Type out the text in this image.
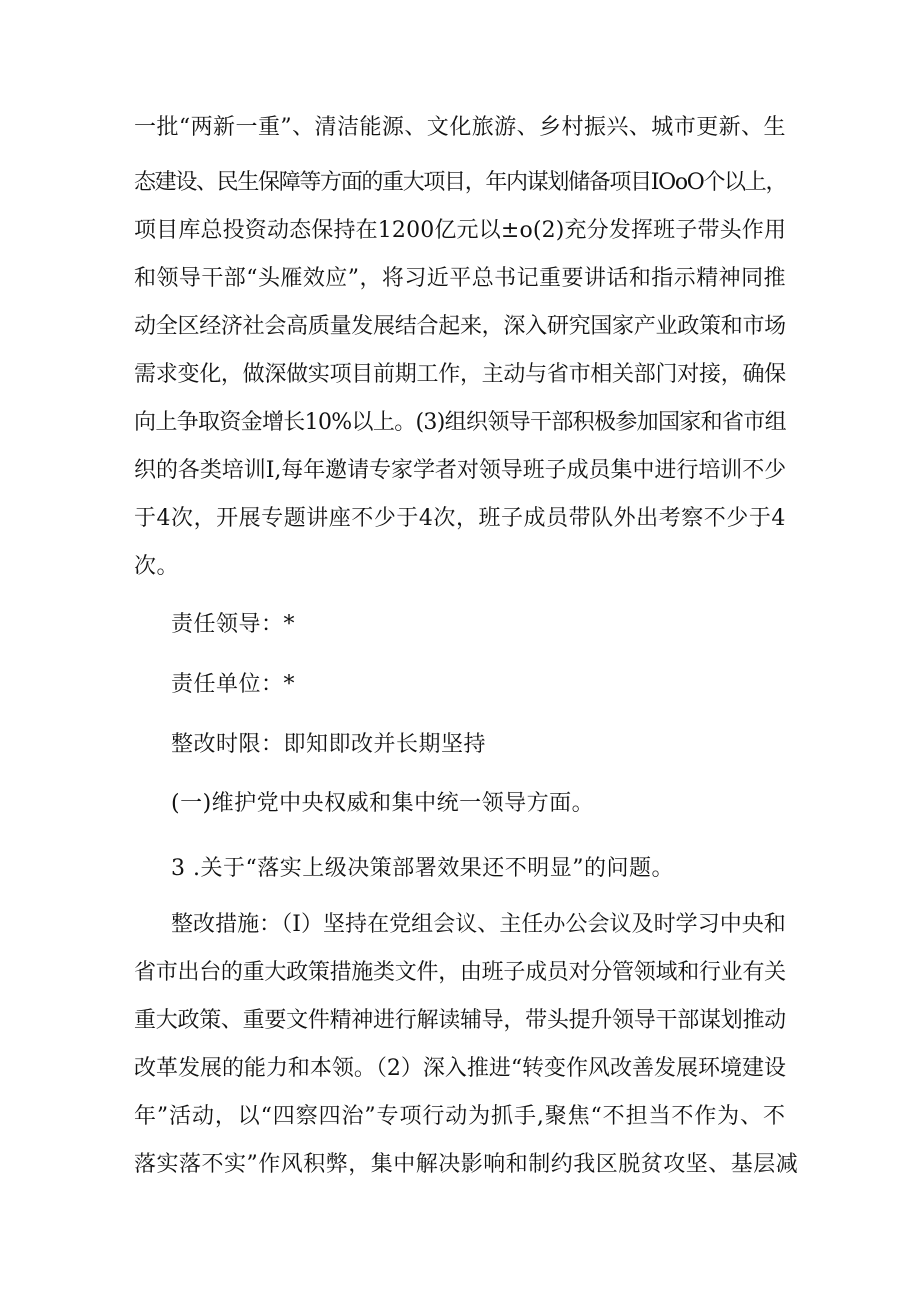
一批“两新一重”、清洁能源、文化旅游、乡村振兴、城市更新、生
态建设、民生保障等方面的重大项目，年内谋划储备项目IOoO个以上，
项目库总投资动态保持在1200亿元以±o(2)充分发挥班子带头作用
和领导干部“头雁效应”，将习近平总书记重要讲话和指示精神同推
动全区经济社会高质量发展结合起来，深入研究国家产业政策和市场
需求变化，做深做实项目前期工作，主动与省市相关部门对接，确保
向上争取资金增长10%以上。(3)组织领导干部积极参加国家和省市组
织的各类培训I,每年邀请专家学者对领导班子成员集中进行培训不少
于4次，开展专题讲座不少于4次，班子成员带队外出考察不少于4
次。
责任领导：*
责任单位：*
整改时限：即知即改并长期坚持
(一)维护党中央权威和集中统一领导方面。
3 .关于“落实上级决策部署效果还不明显”的问题。
整改措施：（I）坚持在党组会议、主任办公会议及时学习中央和
省市出台的重大政策措施类文件，由班子成员对分管领域和行业有关
重大政策、重要文件精神进行解读辅导，带头提升领导干部谋划推动
改革发展的能力和本领。（2）深入推进“转变作风改善发展环境建设
年”活动，以“四察四治”专项行动为抓手,聚焦“不担当不作为、不
落实落不实”作风积弊，集中解决影响和制约我区脱贫攻坚、基层减
